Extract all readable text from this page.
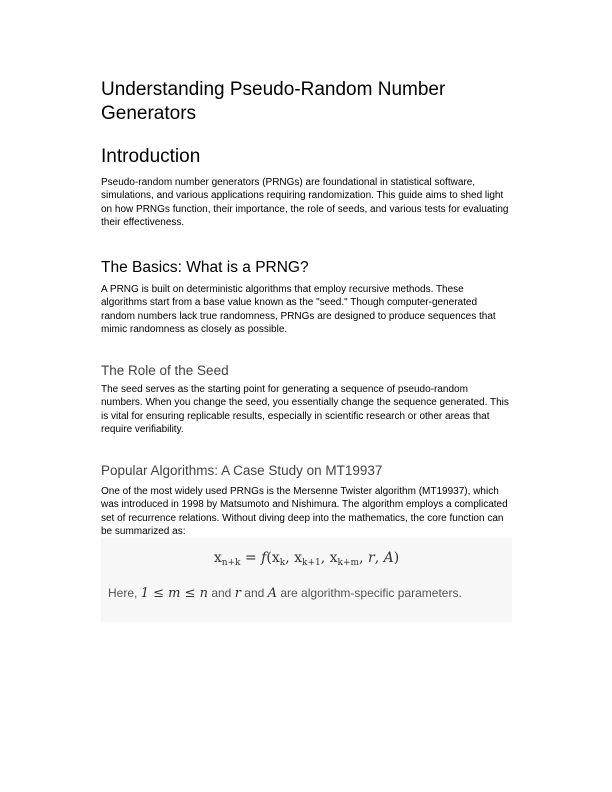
Understanding Pseudo-Random Number Generators
Introduction

Pseudo-random number generators (PRNGs) are foundational in statistical software, simulations, and various applications requiring randomization. This guide aims to shed light on how PRNGs function, their importance, the role of seeds, and various tests for evaluating their effectiveness.

The Basics: What is a PRNG?

A PRNG is built on deterministic algorithms that employ recursive methods. These algorithms start from a base value known as the "seed." Though computer-generated random numbers lack true randomness, PRNGs are designed to produce sequences that mimic randomness as closely as possible.

The Role of the Seed

The seed serves as the starting point for generating a sequence of pseudo-random numbers. When you change the seed, you essentially change the sequence generated. This is vital for ensuring replicable results, especially in scientific research or other areas that require verifiability.

Popular Algorithms: A Case Study on MT19937

One of the most widely used PRNGs is the Mersenne Twister algorithm (MT19937), which was introduced in 1998 by Matsumoto and Nishimura. The algorithm employs a complicated set of recurrence relations. Without diving deep into the mathematics, the core function can be summarized as:

$x_{n+k} = f(x_k$, $x_{k+1}$, $x_{k+m}$, r, A)
Here, 1 ≤ m ≤ n and r and A are algorithm-specific parameters.
